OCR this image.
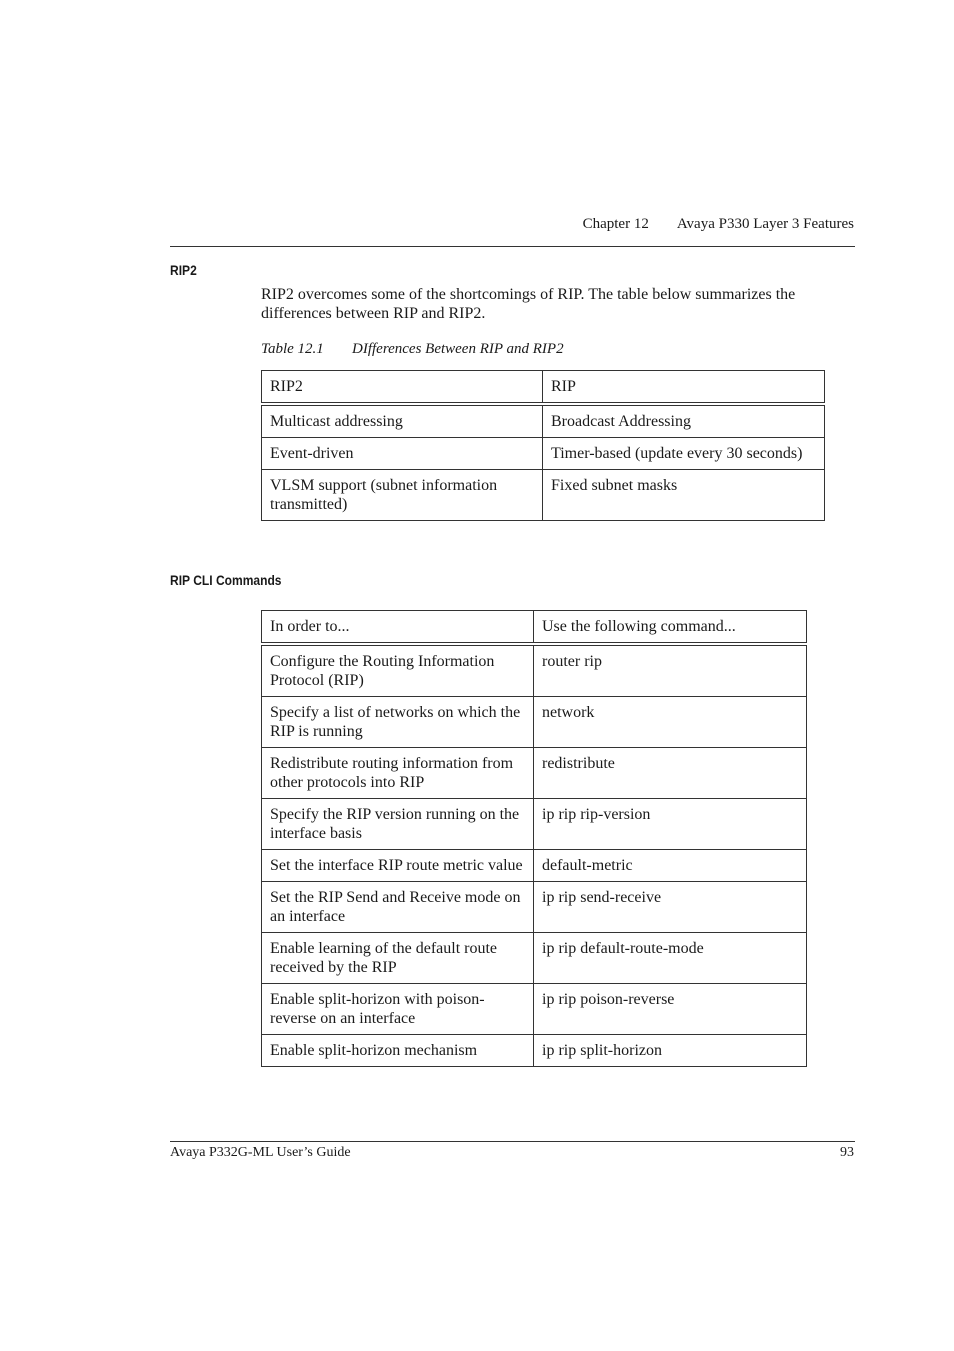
Chapter 12 Avaya P330 Layer 3 Features
RIP2
RIP2 overcomes some of the shortcomings of RIP. The table below summarizes the differences between RIP and RIP2.
Table 12.1 DIfferences Between RIP and RIP2
RIP2	RIP
Multicast addressing	Broadcast Addressing
Event-driven	Timer-based (update every 30 seconds)
VLSM support (subnet information transmitted)	Fixed subnet masks
RIP CLI Commands
In order to...	Use the following command...
Configure the Routing Information Protocol (RIP)	router rip
Specify a list of networks on which the RIP is running	network
Redistribute routing information from other protocols into RIP	redistribute
Specify the RIP version running on the interface basis	ip rip rip-version
Set the interface RIP route metric value	default-metric
Set the RIP Send and Receive mode on an interface	ip rip send-receive
Enable learning of the default route received by the RIP	ip rip default-route-mode
Enable split-horizon with poison-reverse on an interface	ip rip poison-reverse
Enable split-horizon mechanism	ip rip split-horizon
Avaya P332G-ML User’s Guide	93
